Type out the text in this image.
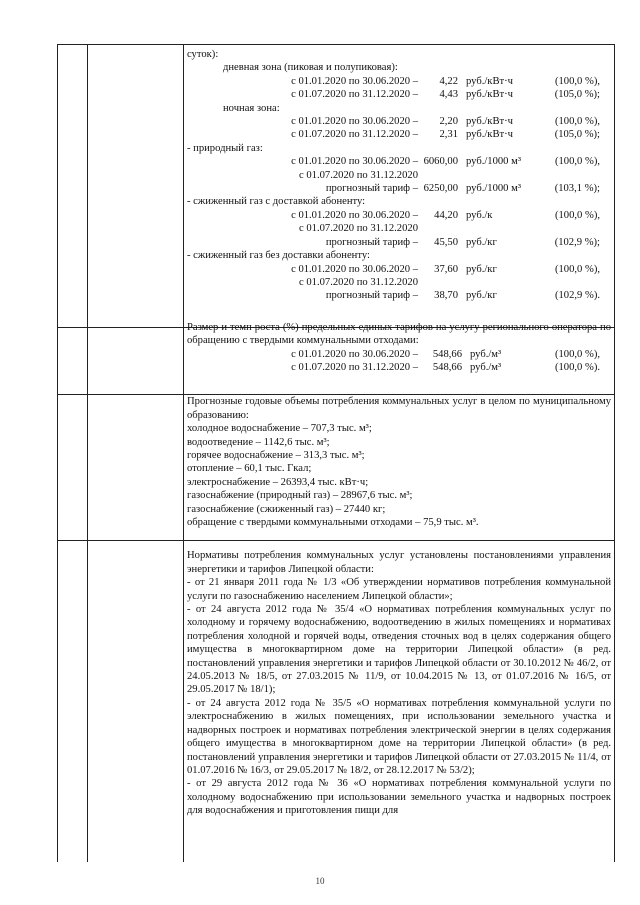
суток):
дневная зона (пиковая и полупиковая):
с 01.01.2020 по 30.06.2020 –	4,22 руб./кВт·ч	(100,0 %),
с 01.07.2020 по 31.12.2020 –	4,43 руб./кВт·ч	(105,0 %);
ночная зона:
с 01.01.2020 по 30.06.2020 –	2,20 руб./кВт·ч	(100,0 %),
с 01.07.2020 по 31.12.2020 –	2,31 руб./кВт·ч	(105,0 %);
- природный газ:
с 01.01.2020 по 30.06.2020 – 6060,00 руб./1000 м³	(100,0 %),
с 01.07.2020 по 31.12.2020
прогнозный тариф – 6250,00 руб./1000 м³	(103,1 %);
- сжиженный газ с доставкой абоненту:
с 01.01.2020 по 30.06.2020 –	44,20 руб./к	(100,0 %),
с 01.07.2020 по 31.12.2020
прогнозный тариф –	45,50 руб./кг	(102,9 %);
- сжиженный газ без доставки абоненту:
с 01.01.2020 по 30.06.2020 –	37,60 руб./кг	(100,0 %),
с 01.07.2020 по 31.12.2020
прогнозный тариф –	38,70 руб./кг	(102,9 %).
Размер и темп роста (%) предельных единых тарифов на услугу регионального оператора по обращению с твердыми коммунальными отходами:
с 01.01.2020 по 30.06.2020 –	548,66 руб./м³	(100,0 %),
с 01.07.2020 по 31.12.2020 –	548,66 руб./м³	(100,0 %).
Прогнозные годовые объемы потребления коммунальных услуг в целом по муниципальному образованию:
холодное водоснабжение – 707,3 тыс. м³;
водоотведение – 1142,6 тыс. м³;
горячее водоснабжение – 313,3 тыс. м³;
отопление – 60,1 тыс. Гкал;
электроснабжение – 26393,4 тыс. кВт·ч;
газоснабжение (природный газ) – 28967,6 тыс. м³;
газоснабжение (сжиженный газ) – 27440 кг;
обращение с твердыми коммунальными отходами – 75,9 тыс. м³.
Нормативы потребления коммунальных услуг установлены постановлениями управления энергетики и тарифов Липецкой области:
- от 21 января 2011 года № 1/3 «Об утверждении нормативов потребления коммунальной услуги по газоснабжению населением Липецкой области»;
- от 24 августа 2012 года № 35/4 «О нормативах потребления коммунальных услуг по холодному и горячему водоснабжению, водоотведению в жилых помещениях и нормативах потребления холодной и горячей воды, отведения сточных вод в целях содержания общего имущества в многоквартирном доме на территории Липецкой области» (в ред. постановлений управления энергетики и тарифов Липецкой области от 30.10.2012 № 46/2, от 24.05.2013 № 18/5, от 27.03.2015 № 11/9, от 10.04.2015 № 13, от 01.07.2016 № 16/5, от 29.05.2017 № 18/1);
- от 24 августа 2012 года № 35/5 «О нормативах потребления коммунальной услуги по электроснабжению в жилых помещениях, при использовании земельного участка и надворных построек и нормативах потребления электрической энергии в целях содержания общего имущества в многоквартирном доме на территории Липецкой области» (в ред. постановлений управления энергетики и тарифов Липецкой области от 27.03.2015 № 11/4, от 01.07.2016 № 16/3, от 29.05.2017 № 18/2, от 28.12.2017 № 53/2);
- от 29 августа 2012 года № 36 «О нормативах потребления коммунальной услуги по холодному водоснабжению при использовании земельного участка и надворных построек для водоснабжения и приготовления пищи для
10
